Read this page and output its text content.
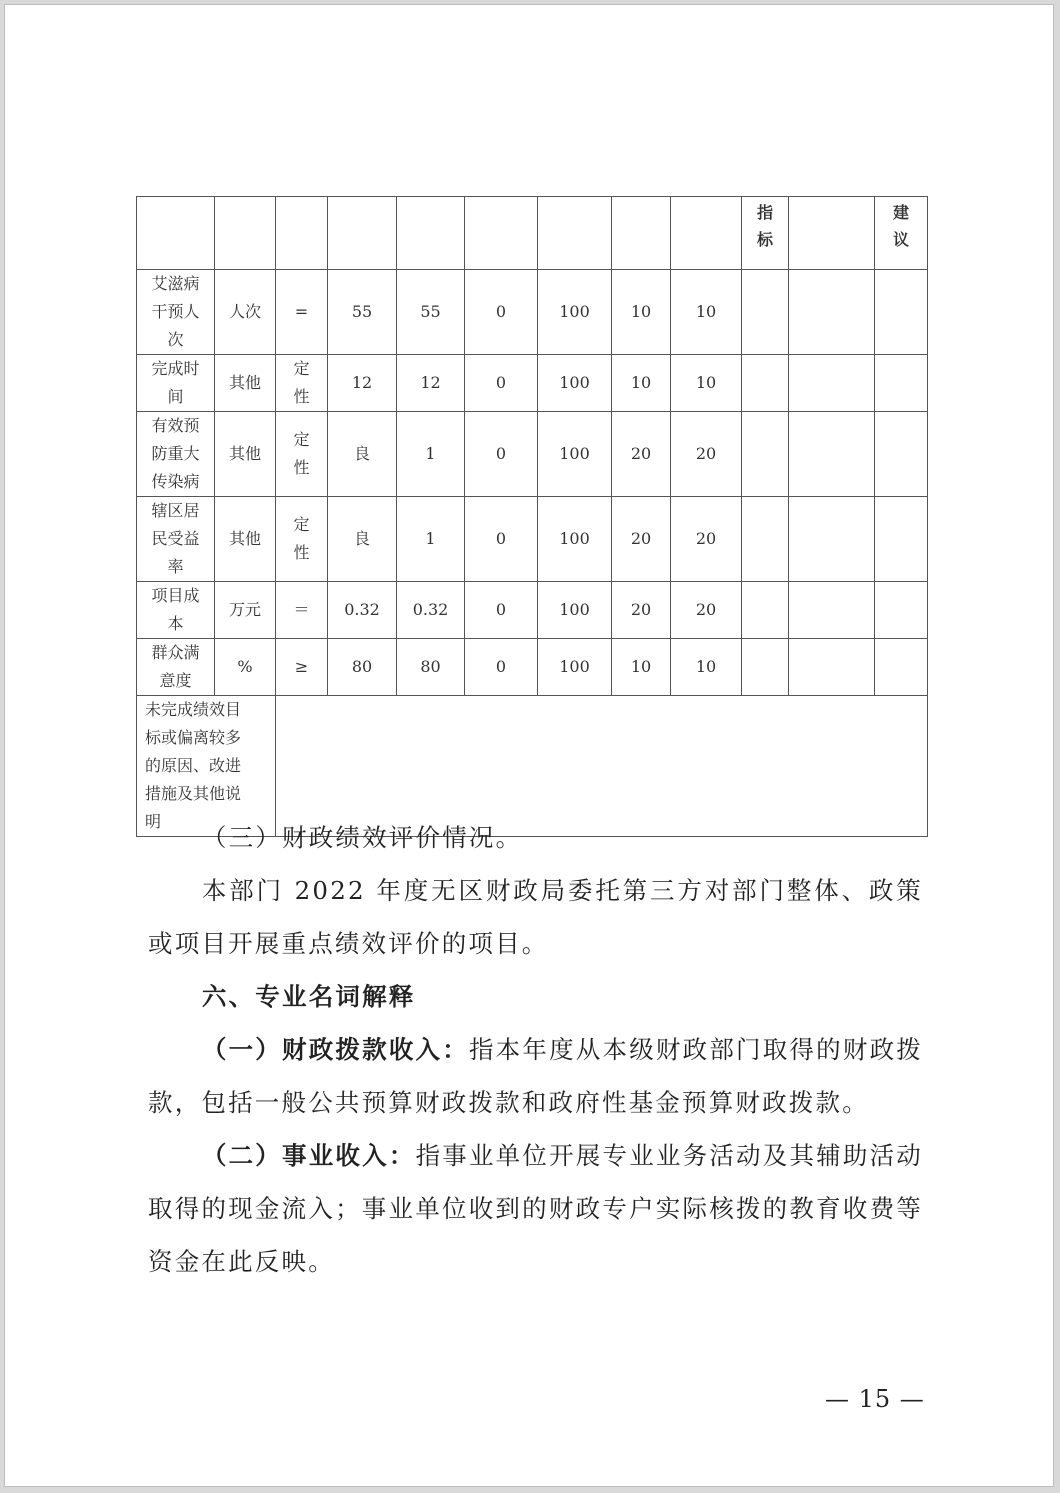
									指标		建议

艾滋病干预人次	人次	=	55	55	0	100	10	10			

完成时间	其他	定性	12	12	0	100	10	10			

有效预防重大传染病	其他	定性	良	1	0	100	20	20			

辖区居民受益率	其他	定性	良	1	0	100	20	20			

项目成本	万元	＝	0.32	0.32	0	100	20	20			

群众满意度	%	≥	80	80	0	100	10	10			

未完成绩效目标或偏离较多的原因、改进措施及其他说明											

（三）财政绩效评价情况。

本部门 2022 年度无区财政局委托第三方对部门整体、政策或项目开展重点绩效评价的项目。

六、专业名词解释

（一）财政拨款收入：指本年度从本级财政部门取得的财政拨款，包括一般公共预算财政拨款和政府性基金预算财政拨款。

（二）事业收入：指事业单位开展专业业务活动及其辅助活动取得的现金流入；事业单位收到的财政专户实际核拨的教育收费等资金在此反映。

— 15 —
